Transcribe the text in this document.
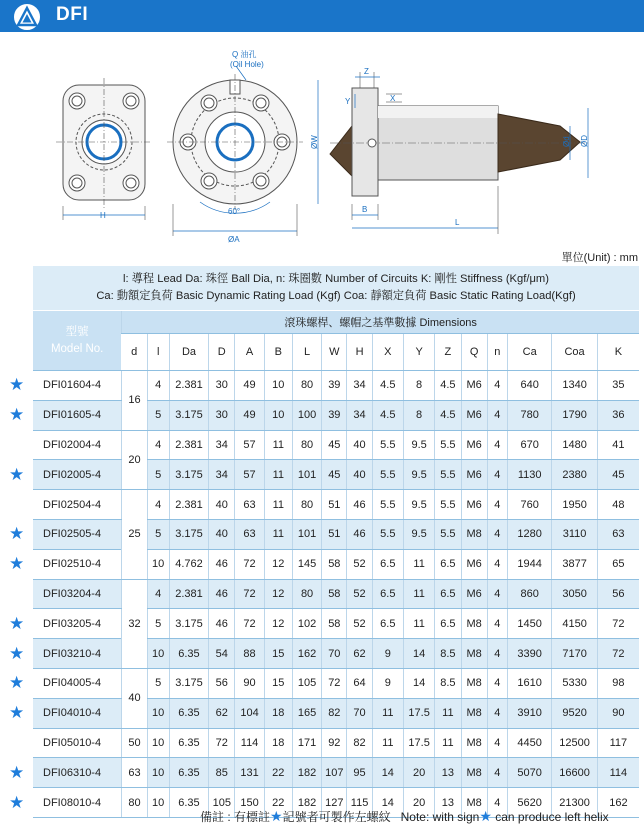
DFI
H
Q 油孔
(Oil Hole)
60°
ØA
ØW
Z
Y	X
B
L
Ød ØD
單位(Unit) : mm
l: 導程 Lead Da: 珠徑 Ball Dia, n: 珠圈數 Number of Circuits K: 剛性 Stiffness (Kgf/μm)
Ca: 動額定負荷 Basic Dynamic Rating Load (Kgf) Coa: 靜額定負荷 Basic Static Rating Load(Kgf)
型號
Model No.	滾珠螺桿、螺帽之基準數據 Dimensions																
	d	l	Da	D	A	B	L	W	H	X	Y	Z	Q	n	Ca	Coa	K
DFI01604-4	16	4	2.381	30	49	10	80	39	34	4.5	8	4.5	M6	4	640	1340	35
DFI01605-4		5	3.175	30	49	10	100	39	34	4.5	8	4.5	M6	4	780	1790	36
DFI02004-4	20	4	2.381	34	57	11	80	45	40	5.5	9.5	5.5	M6	4	670	1480	41
DFI02005-4		5	3.175	34	57	11	101	45	40	5.5	9.5	5.5	M6	4	1130	2380	45
DFI02504-4	25	4	2.381	40	63	11	80	51	46	5.5	9.5	5.5	M6	4	760	1950	48
DFI02505-4		5	3.175	40	63	11	101	51	46	5.5	9.5	5.5	M8	4	1280	3110	63
DFI02510-4		10	4.762	46	72	12	145	58	52	6.5	11	6.5	M6	4	1944	3877	65
DFI03204-4	32	4	2.381	46	72	12	80	58	52	6.5	11	6.5	M6	4	860	3050	56
DFI03205-4		5	3.175	46	72	12	102	58	52	6.5	11	6.5	M8	4	1450	4150	72
DFI03210-4		10	6.35	54	88	15	162	70	62	9	14	8.5	M8	4	3390	7170	72
DFI04005-4	40	5	3.175	56	90	15	105	72	64	9	14	8.5	M8	4	1610	5330	98
DFI04010-4		10	6.35	62	104	18	165	82	70	11	17.5	11	M8	4	3910	9520	90
DFI05010-4	50	10	6.35	72	114	18	171	92	82	11	17.5	11	M8	4	4450	12500	117
DFI06310-4	63	10	6.35	85	131	22	182	107	95	14	20	13	M8	4	5070	16600	114
DFI08010-4	80	10	6.35	105	150	22	182	127	115	14	20	13	M8	4	5620	21300	162
★
★
★
★
★
★
★
★
★
★
★
備註 : 有標註★記號者可製作左螺紋 Note: with sign★ can produce left helix
